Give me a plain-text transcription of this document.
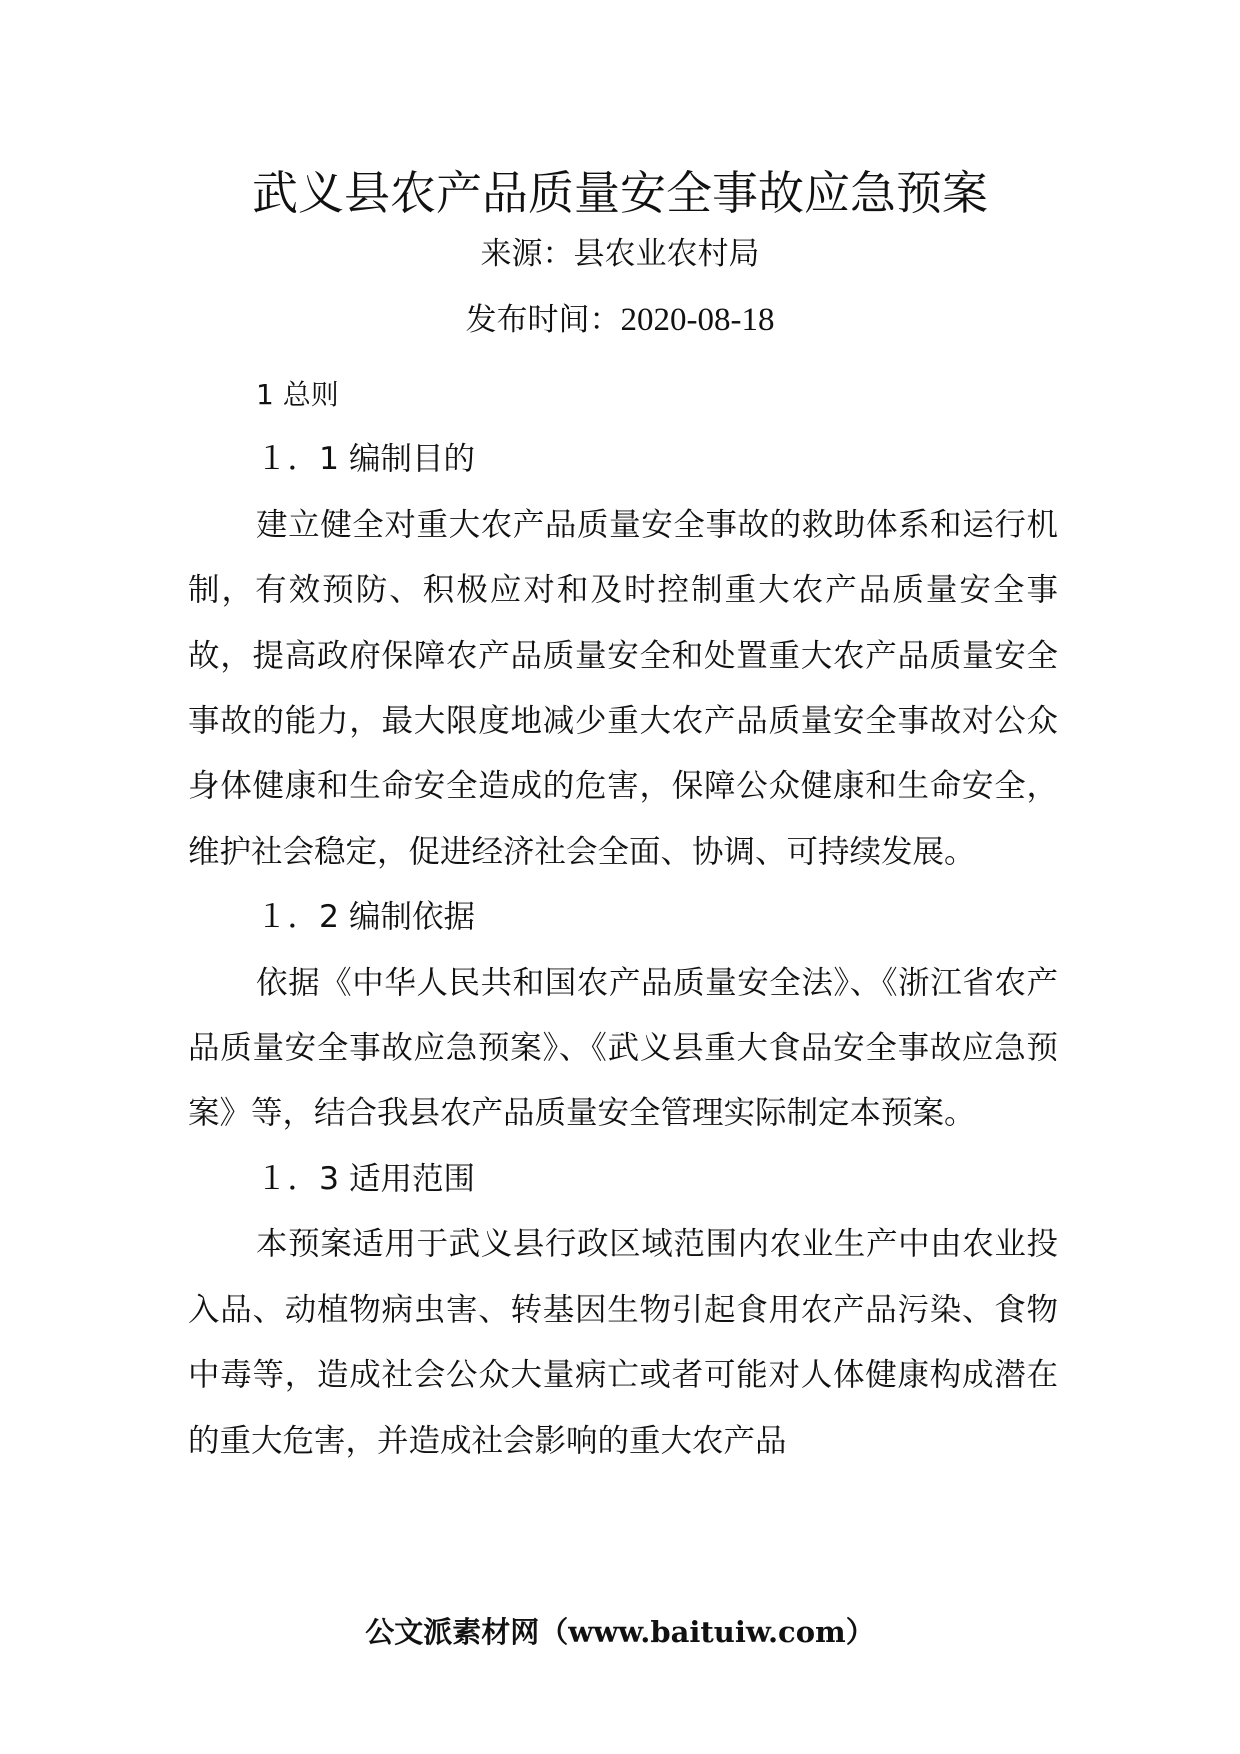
武义县农产品质量安全事故应急预案
来源：县农业农村局
发布时间：2020-08-18

1 总则

１．1 编制目的

建立健全对重大农产品质量安全事故的救助体系和运行机制，有效预防、积极应对和及时控制重大农产品质量安全事故，提高政府保障农产品质量安全和处置重大农产品质量安全事故的能力，最大限度地减少重大农产品质量安全事故对公众身体健康和生命安全造成的危害，保障公众健康和生命安全，维护社会稳定，促进经济社会全面、协调、可持续发展。

１．2 编制依据

依据《中华人民共和国农产品质量安全法》、《浙江省农产品质量安全事故应急预案》、《武义县重大食品安全事故应急预案》等，结合我县农产品质量安全管理实际制定本预案。

１．3 适用范围

本预案适用于武义县行政区域范围内农业生产中由农业投入品、动植物病虫害、转基因生物引起食用农产品污染、食物中毒等，造成社会公众大量病亡或者可能对人体健康构成潜在的重大危害，并造成社会影响的重大农产品

公文派素材网（www.baituiw.com）
